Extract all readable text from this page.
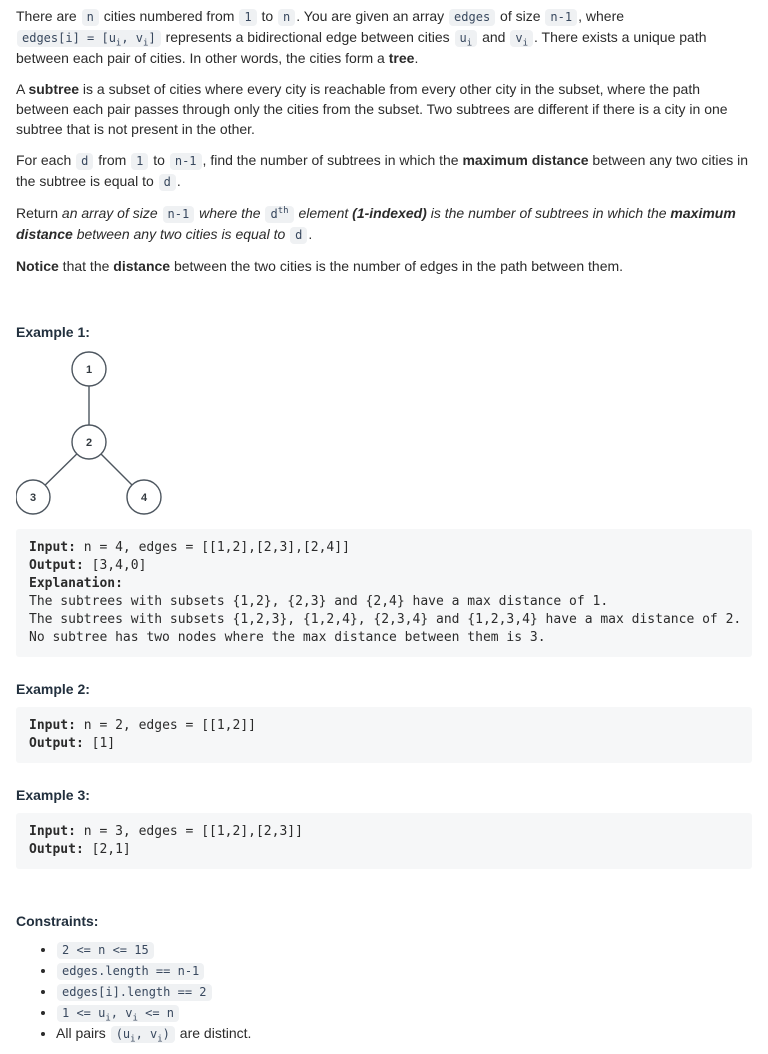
There are n cities numbered from 1 to n . You are given an array edges of size n-1 , where edges[i] = [$u_i$, $v_i$] represents a bidirectional edge between cities $u_i$ and $v_i$ . There exists a unique path between each pair of cities. In other words, the cities form a tree.

A subtree is a subset of cities where every city is reachable from every other city in the subset, where the path between each pair passes through only the cities from the subset. Two subtrees are different if there is a city in one subtree that is not present in the other.

For each d from 1 to n-1 , find the number of subtrees in which the maximum distance between any two cities in the subtree is equal to d .

Return an array of size n-1 where the $d^{th}$ element (1-indexed) is the number of subtrees in which the maximum distance between any two cities is equal to d .

Notice that the distance between the two cities is the number of edges in the path between them.

Example 1:
1
2
3	4
Input: n = 4, edges = [[1,2],[2,3],[2,4]]
Output: [3,4,0]
Explanation:
The subtrees with subsets {1,2}, {2,3} and {2,4} have a max distance of 1.
The subtrees with subsets {1,2,3}, {1,2,4}, {2,3,4} and {1,2,3,4} have a max distance of 2.
No subtree has two nodes where the max distance between them is 3.
Example 2:
Input: n = 2, edges = [[1,2]]
Output: [1]
Example 3:
Input: n = 3, edges = [[1,2],[2,3]]
Output: [2,1]
Constraints:
• 2 <= n <= 15
• edges.length == n-1
• edges[i].length == 2
• $1 <= u_i$, $v_i <= n$
• All pairs ($u_i$, $v_i$) are distinct.
